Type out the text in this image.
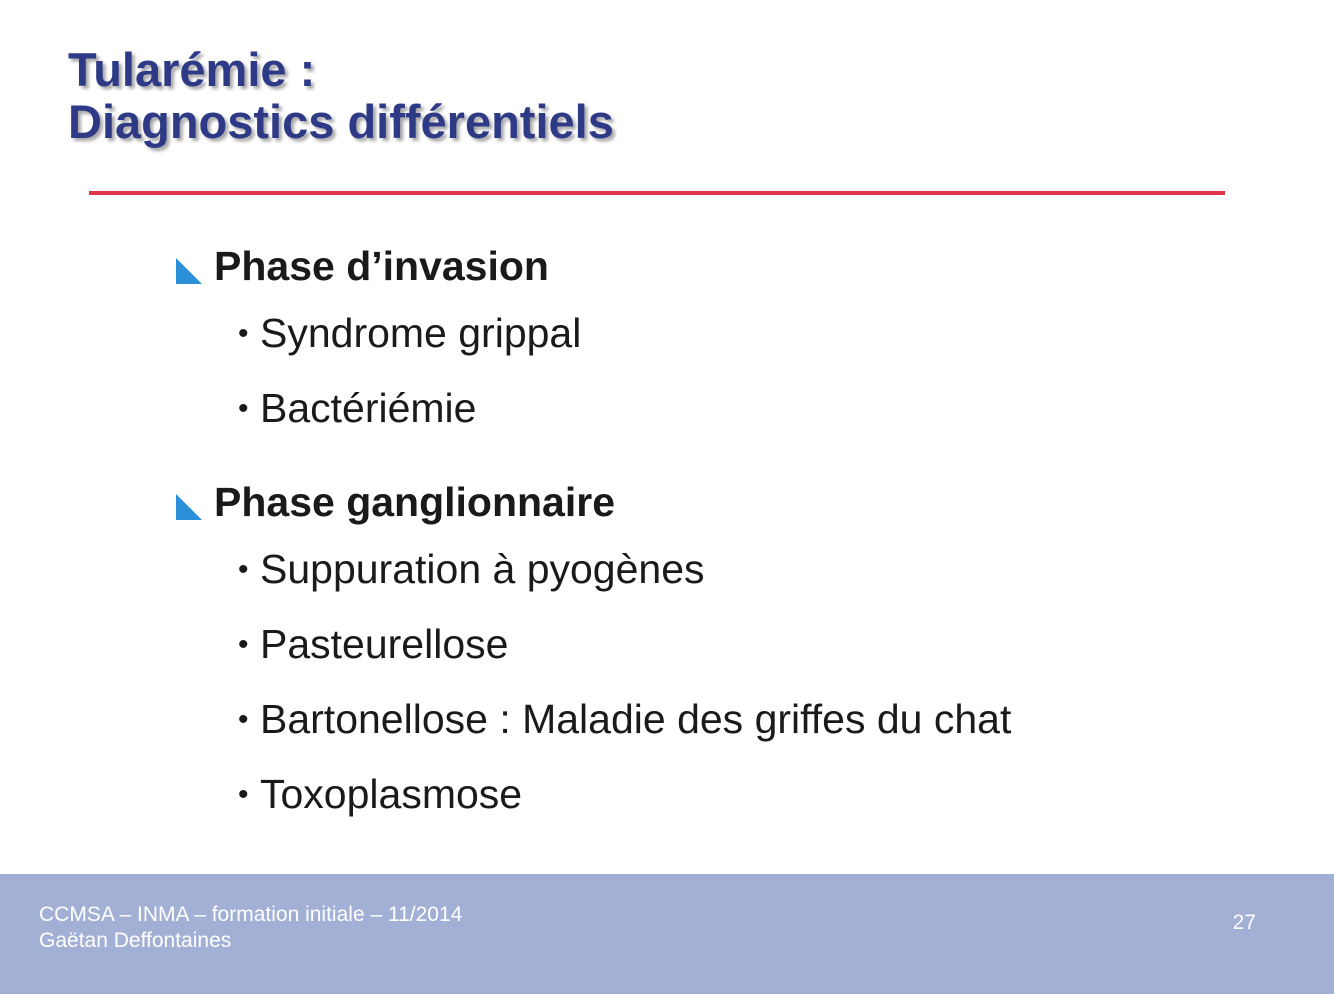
Tularémie :
Diagnostics différentiels
Phase d’invasion
• Syndrome grippal
• Bactériémie
Phase ganglionnaire
• Suppuration à pyogènes
• Pasteurellose
• Bartonellose : Maladie des griffes du chat
• Toxoplasmose
CCMSA – INMA – formation initiale – 11/2014
Gaëtan Deffontaines
27
